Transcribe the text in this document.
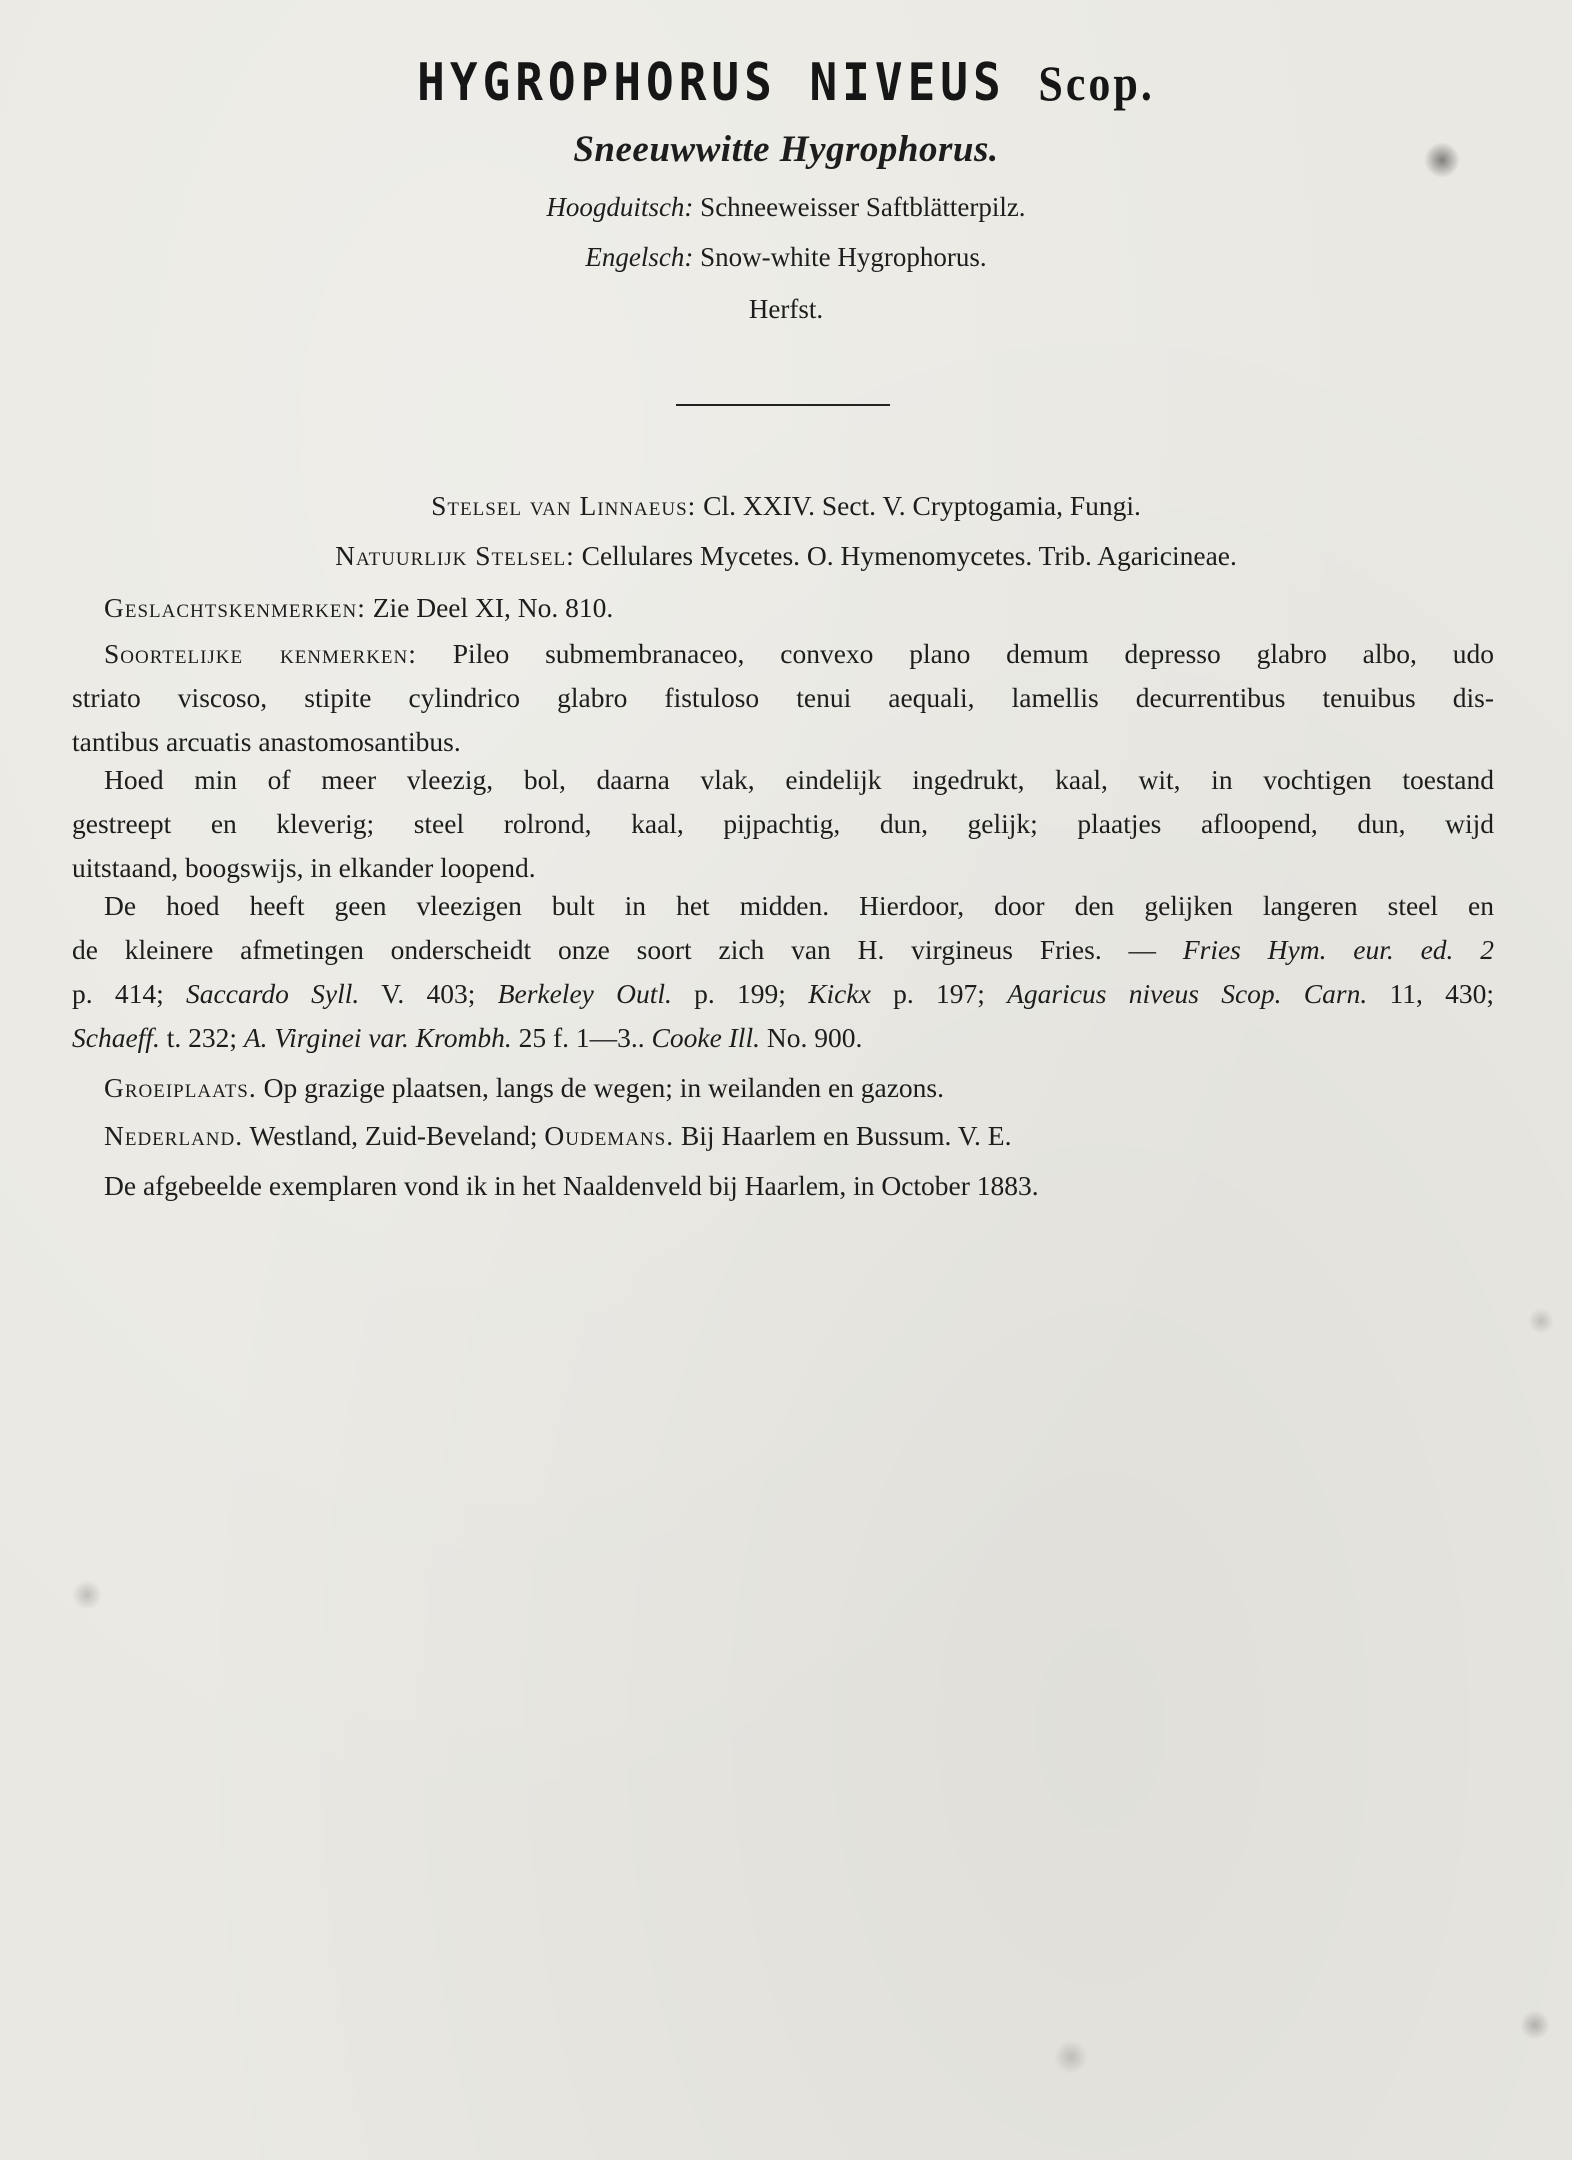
HYGROPHORUS NIVEUS Scop.
Sneeuwwitte Hygrophorus.
Hoogduitsch: Schneeweisser Saftblätterpilz.
Engelsch: Snow-white Hygrophorus.
Herfst.
Stelsel van Linnaeus: Cl. XXIV. Sect. V. Cryptogamia, Fungi.
Natuurlijk Stelsel: Cellulares Mycetes. O. Hymenomycetes. Trib. Agaricineae.
Geslachtskenmerken: Zie Deel XI, No. 810.
Soortelijke kenmerken: Pileo submembranaceo, convexo plano demum depresso glabro albo, udo
striato viscoso, stipite cylindrico glabro fistuloso tenui aequali, lamellis decurrentibus tenuibus dis-
tantibus arcuatis anastomosantibus.
Hoed min of meer vleezig, bol, daarna vlak, eindelijk ingedrukt, kaal, wit, in vochtigen toestand
gestreept en kleverig; steel rolrond, kaal, pijpachtig, dun, gelijk; plaatjes afloopend, dun, wijd
uitstaand, boogswijs, in elkander loopend.
De hoed heeft geen vleezigen bult in het midden. Hierdoor, door den gelijken langeren steel en
de kleinere afmetingen onderscheidt onze soort zich van H. virgineus Fries. — Fries Hym. eur. ed. 2
p. 414; Saccardo Syll. V. 403; Berkeley Outl. p. 199; Kickx p. 197; Agaricus niveus Scop. Carn. 11, 430;
Schaeff. t. 232; A. Virginei var. Krombh. 25 f. 1—3.. Cooke Ill. No. 900.
Groeiplaats. Op grazige plaatsen, langs de wegen; in weilanden en gazons.
Nederland. Westland, Zuid-Beveland; Oudemans. Bij Haarlem en Bussum. V. E.
De afgebeelde exemplaren vond ik in het Naaldenveld bij Haarlem, in October 1883.
